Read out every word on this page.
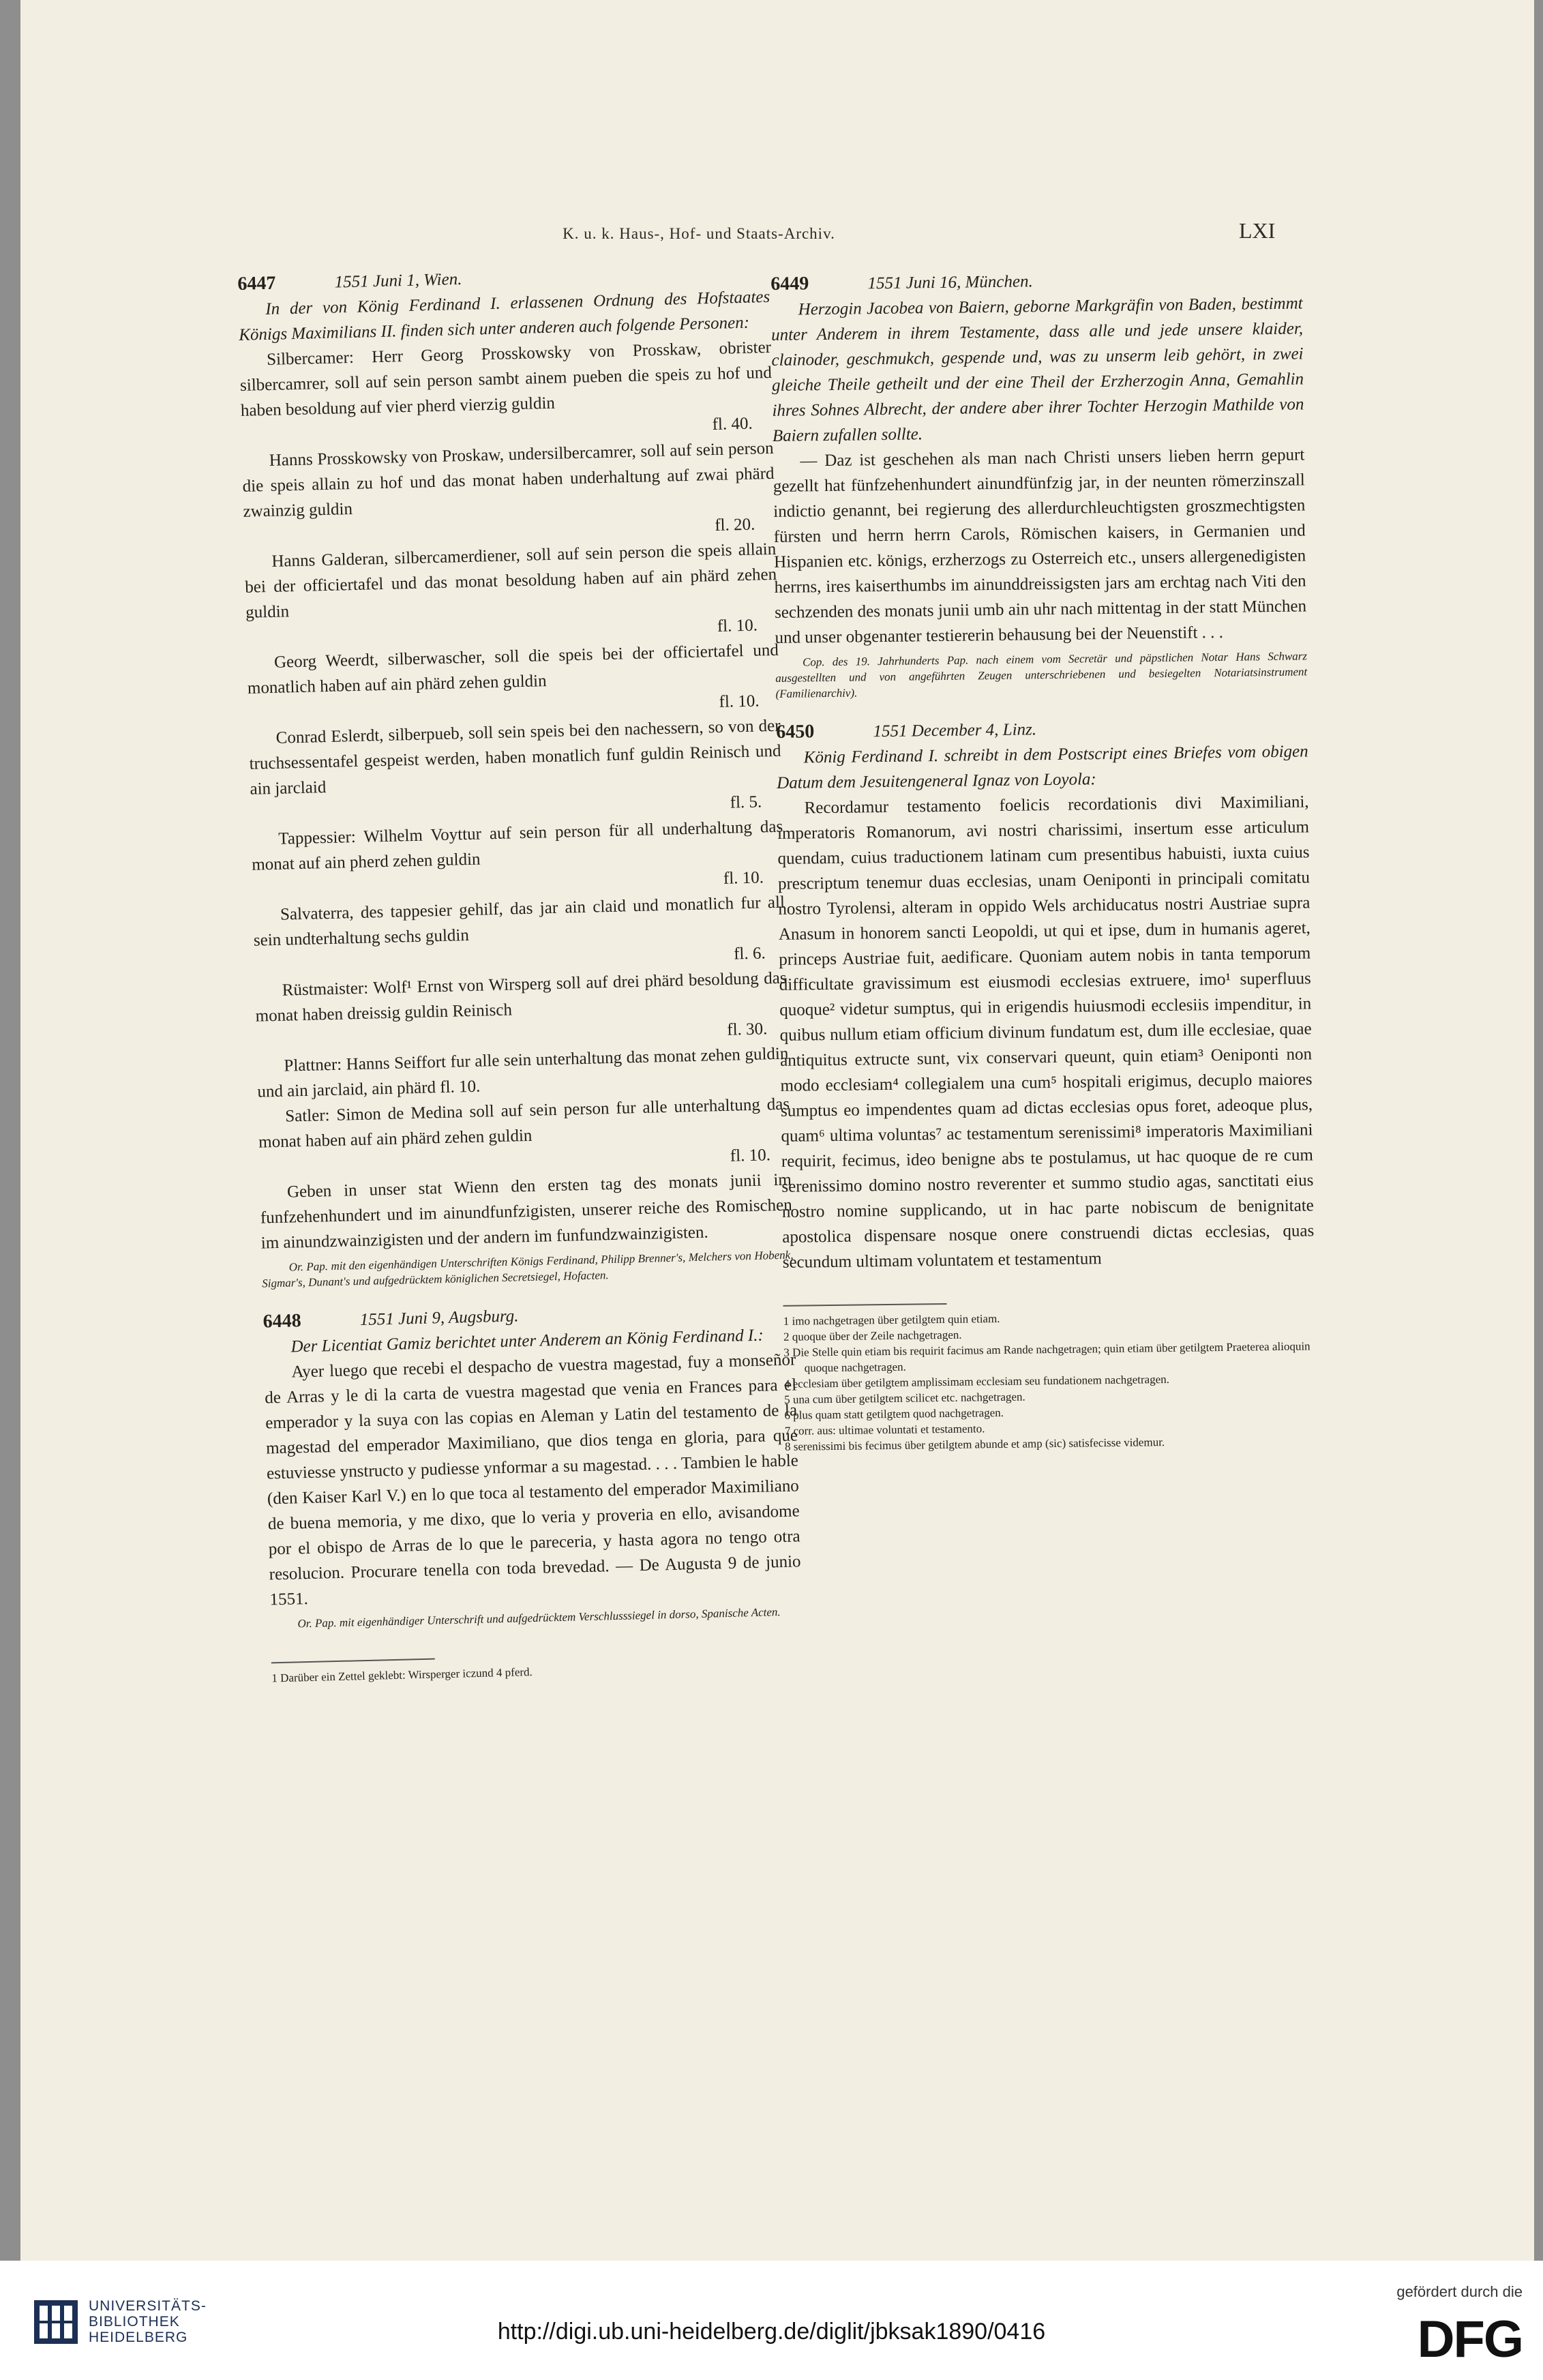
K. u. k. Haus-, Hof- und Staats-Archiv.	LXI
6447	1551 Juni 1, Wien.

In der von König Ferdinand I. erlassenen Ordnung des Hofstaates Königs Maximilians II. finden sich unter anderen auch folgende Personen:

Silbercamer: Herr Georg Prosskowsky von Prosskaw, obrister silbercamrer, soll auf sein person sambt ainem pueben die speis zu hof und haben besoldung auf vier pherd vierzig guldin

fl. 40.

Hanns Prosskowsky von Proskaw, undersilbercamrer, soll auf sein person die speis allain zu hof und das monat haben underhaltung auf zwai phärd zwainzig guldin

fl. 20.

Hanns Galderan, silbercamerdiener, soll auf sein person die speis allain bei der officiertafel und das monat besoldung haben auf ain phärd zehen guldin

fl. 10.

Georg Weerdt, silberwascher, soll die speis bei der officiertafel und monatlich haben auf ain phärd zehen guldin

fl. 10.

Conrad Eslerdt, silberpueb, soll sein speis bei den nachessern, so von der truchsessentafel gespeist werden, haben monatlich funf guldin Reinisch und ain jarclaid

fl. 5.

Tappessier: Wilhelm Voyttur auf sein person für all underhaltung das monat auf ain pherd zehen guldin

fl. 10.

Salvaterra, des tappesier gehilf, das jar ain claid und monatlich fur all sein undterhaltung sechs guldin

fl. 6.

Rüstmaister: Wolf¹ Ernst von Wirsperg soll auf drei phärd besoldung das monat haben dreissig guldin Reinisch

fl. 30.

Plattner: Hanns Seiffort fur alle sein unterhaltung das monat zehen guldin und ain jarclaid, ain phärd fl. 10.

Satler: Simon de Medina soll auf sein person fur alle unterhaltung das monat haben auf ain phärd zehen guldin

fl. 10.

Geben in unser stat Wienn den ersten tag des monats junii im funfzehenhundert und im ainundfunfzigisten, unserer reiche des Romischen im ainundzwainzigisten und der andern im funfundzwainzigisten.

Or. Pap. mit den eigenhändigen Unterschriften Königs Ferdinand, Philipp Brenner's, Melchers von Hobenk, Sigmar's, Dunant's und aufgedrücktem königlichen Secretsiegel, Hofacten.

6448	1551 Juni 9, Augsburg.

Der Licentiat Gamiz berichtet unter Anderem an König Ferdinand I.:

Ayer luego que recebi el despacho de vuestra magestad, fuy a monseñor de Arras y le di la carta de vuestra magestad que venia en Frances para el emperador y la suya con las copias en Aleman y Latin del testamento de la magestad del emperador Maximiliano, que dios tenga en gloria, para que estuviesse ynstructo y pudiesse ynformar a su magestad. . . . Tambien le hable (den Kaiser Karl V.) en lo que toca al testamento del emperador Maximiliano de buena memoria, y me dixo, que lo veria y proveria en ello, avisandome por el obispo de Arras de lo que le pareceria, y hasta agora no tengo otra resolucion. Procurare tenella con toda brevedad. — De Augusta 9 de junio 1551.

Or. Pap. mit eigenhändiger Unterschrift und aufgedrücktem Verschlusssiegel in dorso, Spanische Acten.

1 Darüber ein Zettel geklebt: Wirsperger iczund 4 pferd.

6449	1551 Juni 16, München.

Herzogin Jacobea von Baiern, geborne Markgräfin von Baden, bestimmt unter Anderem in ihrem Testamente, dass alle und jede unsere klaider, clainoder, geschmukch, gespende und, was zu unserm leib gehört, in zwei gleiche Theile getheilt und der eine Theil der Erzherzogin Anna, Gemahlin ihres Sohnes Albrecht, der andere aber ihrer Tochter Herzogin Mathilde von Baiern zufallen sollte.

— Daz ist geschehen als man nach Christi unsers lieben herrn gepurt gezellt hat fünfzehenhundert ainundfünfzig jar, in der neunten römerzinszall indictio genannt, bei regierung des allerdurchleuchtigsten groszmechtigsten fürsten und herrn herrn Carols, Römischen kaisers, in Germanien und Hispanien etc. königs, erzherzogs zu Osterreich etc., unsers allergenedigisten herrns, ires kaiserthumbs im ainunddreissigsten jars am erchtag nach Viti den sechzenden des monats junii umb ain uhr nach mittentag in der statt München und unser obgenanter testiererin behausung bei der Neuenstift . . .

Cop. des 19. Jahrhunderts Pap. nach einem vom Secretär und päpstlichen Notar Hans Schwarz ausgestellten und von angeführten Zeugen unterschriebenen und besiegelten Notariatsinstrument (Familienarchiv).

6450	1551 December 4, Linz.

König Ferdinand I. schreibt in dem Postscript eines Briefes vom obigen Datum dem Jesuitengeneral Ignaz von Loyola:

Recordamur testamento foelicis recordationis divi Maximiliani, imperatoris Romanorum, avi nostri charissimi, insertum esse articulum quendam, cuius traductionem latinam cum presentibus habuisti, iuxta cuius prescriptum tenemur duas ecclesias, unam Oeniponti in principali comitatu nostro Tyrolensi, alteram in oppido Wels archiducatus nostri Austriae supra Anasum in honorem sancti Leopoldi, ut qui et ipse, dum in humanis ageret, princeps Austriae fuit, aedificare. Quoniam autem nobis in tanta temporum difficultate gravissimum est eiusmodi ecclesias extruere, imo¹ superfluus quoque² videtur sumptus, qui in erigendis huiusmodi ecclesiis impenditur, in quibus nullum etiam officium divinum fundatum est, dum ille ecclesiae, quae antiquitus extructe sunt, vix conservari queunt, quin etiam³ Oeniponti non modo ecclesiam⁴ collegialem una cum⁵ hospitali erigimus, decuplo maiores sumptus eo impendentes quam ad dictas ecclesias opus foret, adeoque plus, quam⁶ ultima voluntas⁷ ac testamentum serenissimi⁸ imperatoris Maximiliani requirit, fecimus, ideo benigne abs te postulamus, ut hac quoque de re cum serenissimo domino nostro reverenter et summo studio agas, sanctitati eius nostro nomine supplicando, ut in hac parte nobiscum de benignitate apostolica dispensare nosque onere construendi dictas ecclesias, quas secundum ultimam voluntatem et testamentum

1 imo nachgetragen über getilgtem quin etiam.

2 quoque über der Zeile nachgetragen.

3 Die Stelle quin etiam bis requirit facimus am Rande nachgetragen; quin etiam über getilgtem Praeterea alioquin quoque nachgetragen.

4 ecclesiam über getilgtem amplissimam ecclesiam seu fundationem nachgetragen.

5 una cum über getilgtem scilicet etc. nachgetragen.

6 plus quam statt getilgtem quod nachgetragen.

7 corr. aus: ultimae voluntati et testamento.

8 serenissimi bis fecimus über getilgtem abunde et amp (sic) satisfecisse videmur.

UNIVERSITÄTS-
BIBLIOTHEK
HEIDELBERG	http://digi.ub.uni-heidelberg.de/diglit/jbksak1890/0416
gefördert durch die
DFG
